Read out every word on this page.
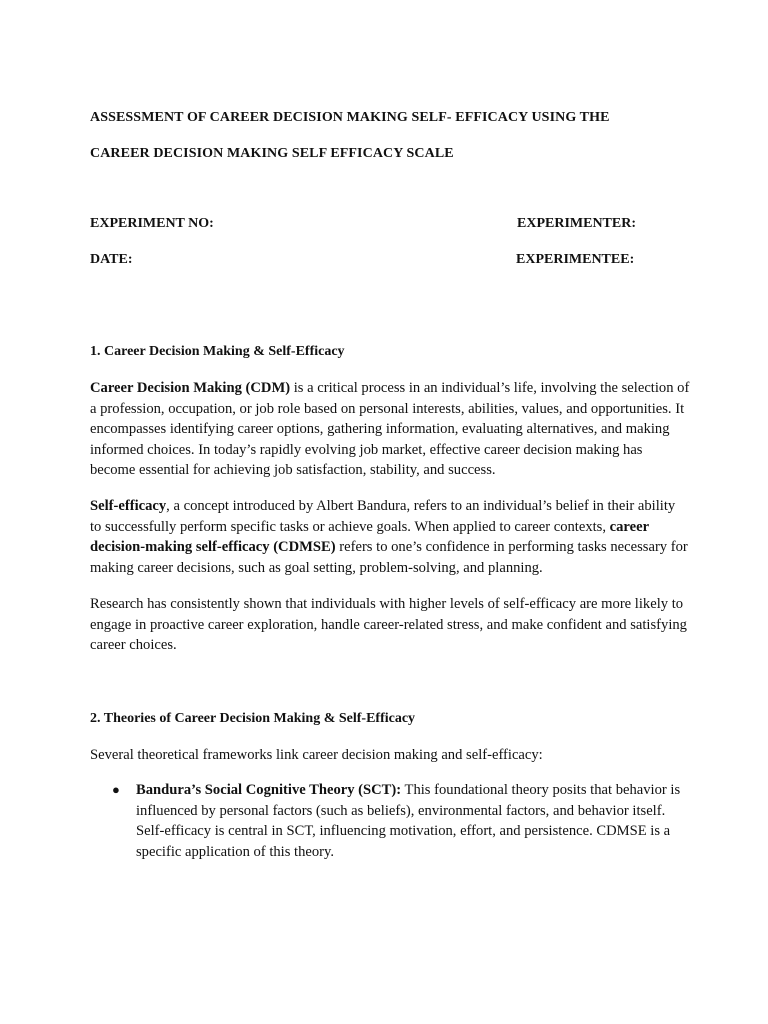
ASSESSMENT OF CAREER DECISION MAKING SELF- EFFICACY USING THE
CAREER DECISION MAKING SELF EFFICACY SCALE
EXPERIMENT NO:	EXPERIMENTER:
DATE:	EXPERIMENTEE:
1. Career Decision Making & Self-Efficacy

Career Decision Making (CDM) is a critical process in an individual’s life, involving the selection of a profession, occupation, or job role based on personal interests, abilities, values, and opportunities. It encompasses identifying career options, gathering information, evaluating alternatives, and making informed choices. In today’s rapidly evolving job market, effective career decision making has become essential for achieving job satisfaction, stability, and success.

Self-efficacy, a concept introduced by Albert Bandura, refers to an individual’s belief in their ability to successfully perform specific tasks or achieve goals. When applied to career contexts, career decision-making self-efficacy (CDMSE) refers to one’s confidence in performing tasks necessary for making career decisions, such as goal setting, problem-solving, and planning.

Research has consistently shown that individuals with higher levels of self-efficacy are more likely to engage in proactive career exploration, handle career-related stress, and make confident and satisfying career choices.

2. Theories of Career Decision Making & Self-Efficacy

Several theoretical frameworks link career decision making and self-efficacy:

● Bandura’s Social Cognitive Theory (SCT): This foundational theory posits that behavior is influenced by personal factors (such as beliefs), environmental factors, and behavior itself. Self-efficacy is central in SCT, influencing motivation, effort, and persistence. CDMSE is a specific application of this theory.
